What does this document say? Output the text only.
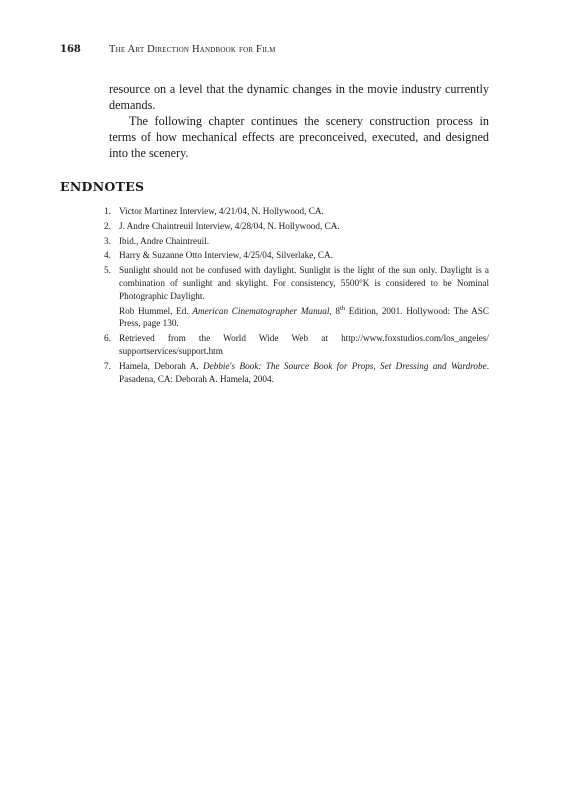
168	The Art Direction Handbook for Film

resource on a level that the dynamic changes in the movie industry currently demands.

The following chapter continues the scenery construction process in terms of how mechanical effects are preconceived, executed, and designed into the scenery.

ENDNOTES
1. Victor Martinez Interview, 4/21/04, N. Hollywood, CA.
2. J. Andre Chaintreuil Interview, 4/28/04, N. Hollywood, CA.
3. Ibid., Andre Chaintreuil.
4. Harry & Suzanne Otto Interview, 4/25/04, Silverlake, CA.
5. Sunlight should not be confused with daylight. Sunlight is the light of the sun only. Daylight is a combination of sunlight and skylight. For consistency, 5500°K is considered to be Nominal Photographic Daylight.

Rob Hummel, Ed. American Cinematographer Manual, 8th Edition, 2001. Hollywood: The ASC Press, page 130.

6. Retrieved from the World Wide Web at http://www.foxstudios.com/los_angeles/
supportservices/support.htm
7. Hamela, Deborah A. Debbie's Book: The Source Book for Props, Set Dressing and Wardrobe. Pasadena, CA: Deborah A. Hamela, 2004.
